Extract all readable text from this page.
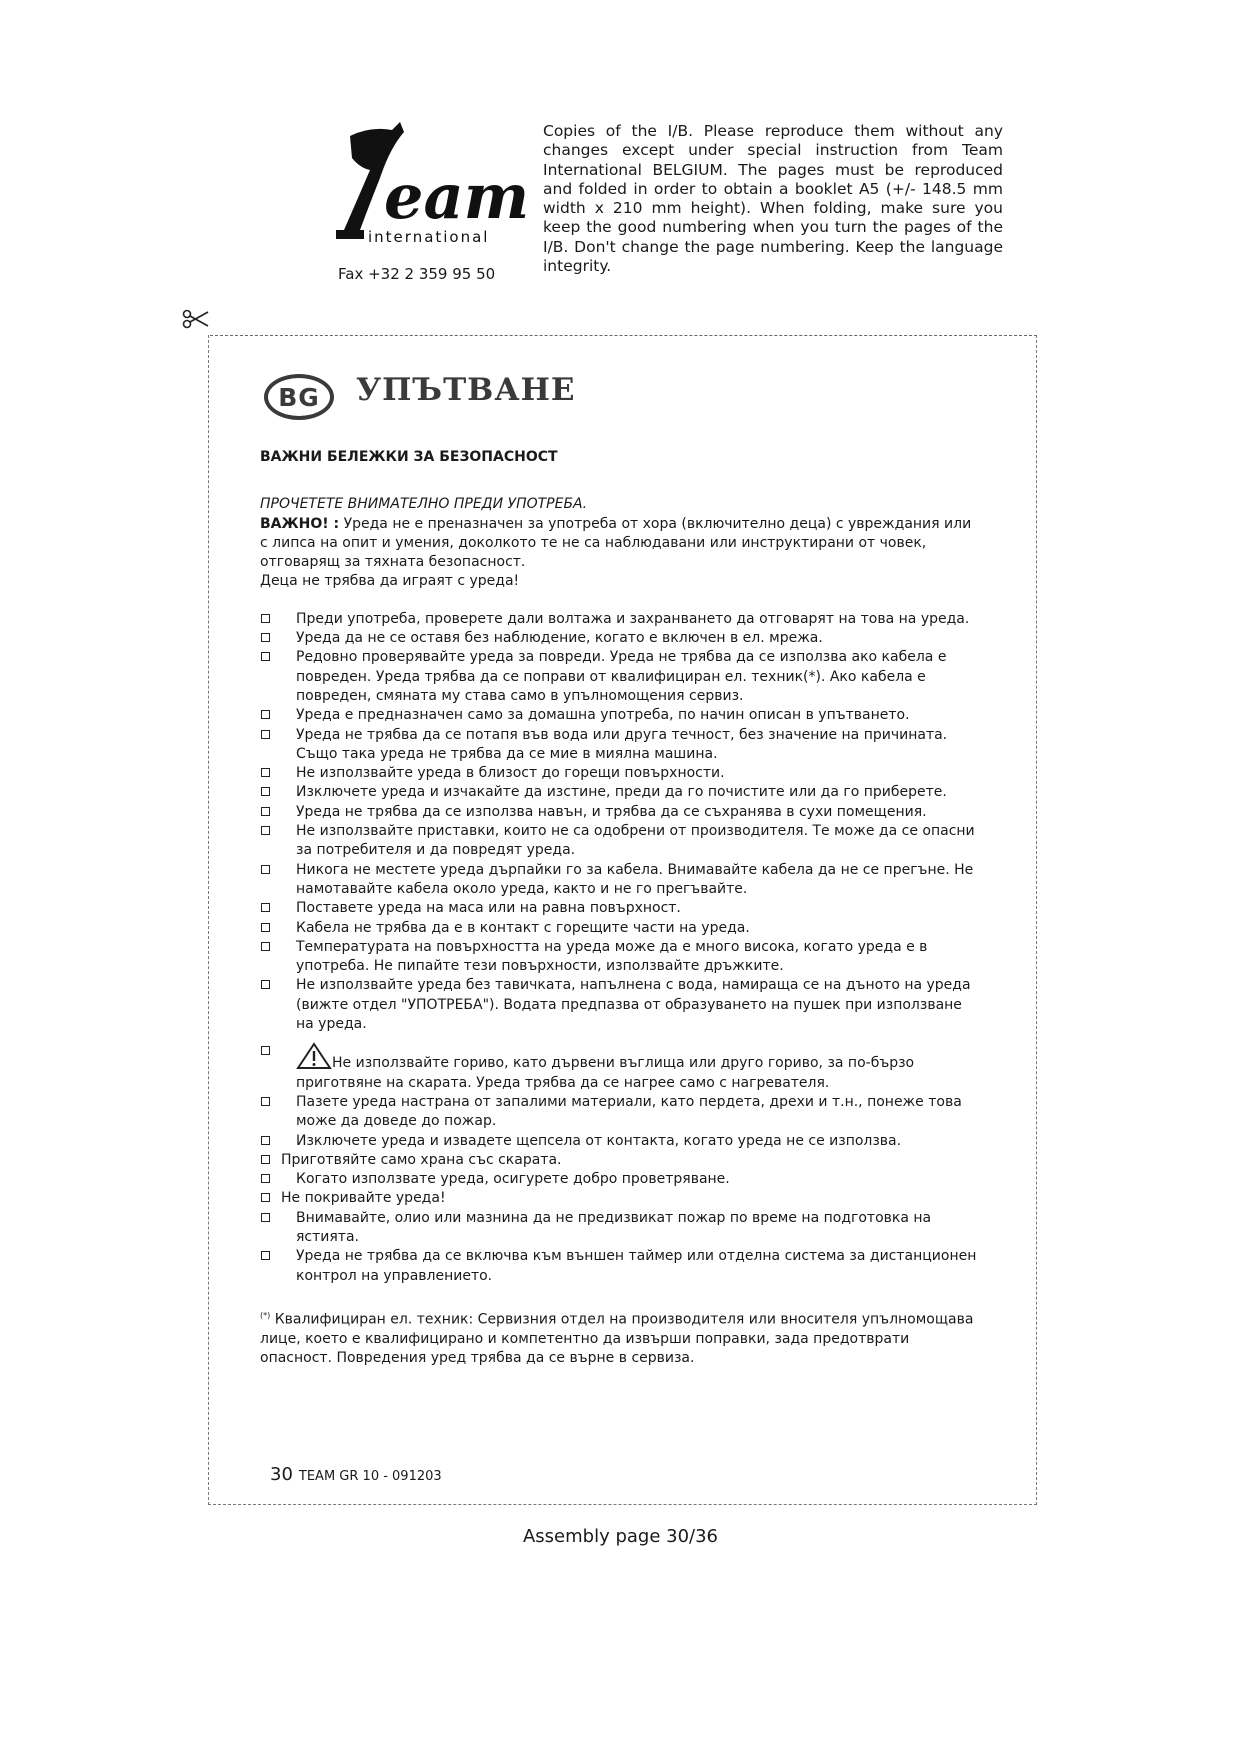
eam
international
Fax +32 2 359 95 50

Copies of the I/B. Please reproduce them without any changes except under special instruction from Team International BELGIUM. The pages must be reproduced and folded in order to obtain a booklet A5 (+/- 148.5 mm width x 210 mm height). When folding, make sure you keep the good numbering when you turn the pages of the I/B. Don't change the page numbering. Keep the language integrity.

BG	УПЪТВАНЕ

ВАЖНИ БЕЛЕЖКИ ЗА БЕЗОПАСНОСТ

ПРОЧЕТЕТЕ ВНИМАТЕЛНО ПРЕДИ УПОТРЕБА.

ВАЖНО! : Уреда не е преназначен за употреба от хора (включително деца) с увреждания или с липса на опит и умения, доколкото те не са наблюдавани или инструктирани от човек, отговарящ за тяхната безопасност.

Деца не трябва да играят с уреда!

Преди употреба, проверете дали волтажа и захранването да отговарят на това на уреда.
Уреда да не се оставя без наблюдение, когато е включен в ел. мрежа.
Редовно проверявайте уреда за повреди. Уреда не трябва да се използва ако кабела е повреден. Уреда трябва да се поправи от квалифициран ел. техник(*). Ако кабела е повреден, смяната му става само в упълномощения сервиз.
Уреда е предназначен само за домашна употреба, по начин описан в упътването.
Уреда не трябва да се потапя във вода или друга течност, без значение на причината. Също така уреда не трябва да се мие в миялна машина.
Не използвайте уреда в близост до горещи повърхности.
Изключете уреда и изчакайте да изстине, преди да го почистите или да го приберете.
Уреда не трябва да се използва навън, и трябва да се съхранява в сухи помещения.
Не използвайте приставки, които не са одобрени от производителя. Те може да се опасни за потребителя и да повредят уреда.
Никога не местете уреда дърпайки го за кабела. Внимавайте кабела да не се прегъне. Не намотавайте кабела около уреда, както и не го прегъвайте.
Поставете уреда на маса или на равна повърхност.
Кабела не трябва да е в контакт с горещите части на уреда.
Температурата на повърхността на уреда може да е много висока, когато уреда е в употреба. Не пипайте тези повърхности, използвайте дръжките.
Не използвайте уреда без тавичката, напълнена с вода, намираща се на дъното на уреда (вижте отдел "УПОТРЕБА"). Водата предпазва от образуването на пушек при използване на уреда.
Не използвайте гориво, като дървени въглища или друго гориво, за по-бързо приготвяне на скарата. Уреда трябва да се нагрее само с нагревателя.
Пазете уреда настрана от запалими материали, като пердета, дрехи и т.н., понеже това може да доведе до пожар.
Изключете уреда и извадете щепсела от контакта, когато уреда не се използва.
Приготвяйте само храна със скарата.
Когато използвате уреда, осигурете добро проветряване.
Не покривайте уреда!
Внимавайте, олио или мазнина да не предизвикат пожар по време на подготовка на ястията.
Уреда не трябва да се включва към външен таймер или отделна система за дистанционен контрол на управлението.

(*) Квалифициран ел. техник: Сервизния отдел на производителя или вносителя упълномощава лице, което е квалифицирано и компетентно да извърши поправки, зада предотврати опасност. Повредения уред трябва да се върне в сервиза.

30 TEAM GR 10 - 091203
Assembly page 30/36
